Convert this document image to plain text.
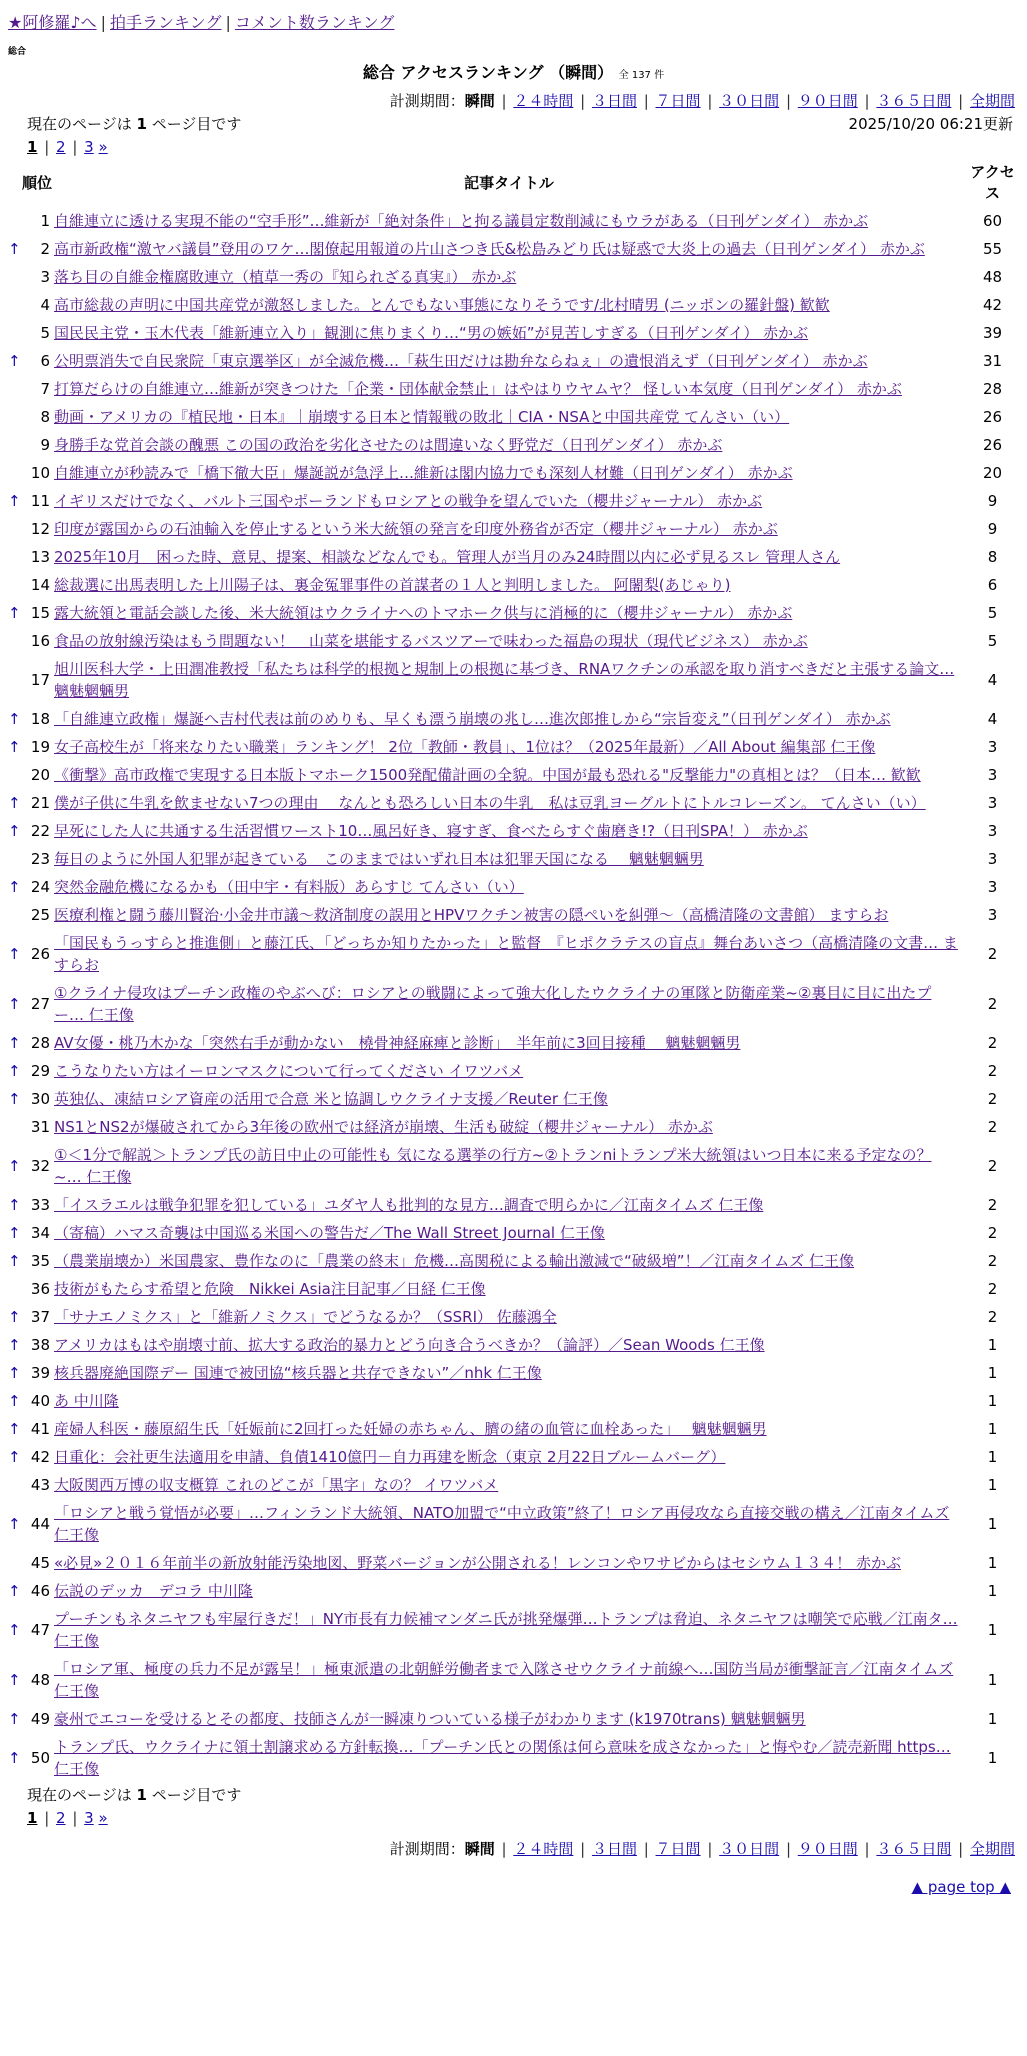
★阿修羅♪へ | 拍手ランキング | コメント数ランキング
総合
総合 アクセスランキング （瞬間） 全 137 件
計測期間：瞬間 | ２４時間 | ３日間 | ７日間 | ３０日間 | ９０日間 | ３６５日間 | 全期間
現在のページは 1 ページ目です	2025/10/20 06:21更新
1 | 2 | 3 »
	順位	記事タイトル	アクセス
	1	自維連立に透ける実現不能の“空手形”…維新が「絶対条件」と拘る議員定数削減にもウラがある（日刊ゲンダイ） 赤かぶ	60
↑	2	高市新政権“激ヤバ議員”登用のワケ…閣僚起用報道の片山さつき氏&松島みどり氏は疑惑で大炎上の過去（日刊ゲンダイ） 赤かぶ	55
	3	落ち目の自維金権腐敗連立（植草一秀の『知られざる真実』） 赤かぶ	48
	4	高市総裁の声明に中国共産党が激怒しました。とんでもない事態になりそうです/北村晴男 (ニッポンの羅針盤) 歓歓	42
	5	国民民主党・玉木代表「維新連立入り」観測に焦りまくり…“男の嫉妬”が見苦しすぎる（日刊ゲンダイ） 赤かぶ	39
↑	6	公明票消失で自民衆院「東京選挙区」が全滅危機…「萩生田だけは勘弁ならねぇ」の遺恨消えず（日刊ゲンダイ） 赤かぶ	31
	7	打算だらけの自維連立…維新が突きつけた「企業・団体献金禁止」はやはりウヤムヤ？ 怪しい本気度（日刊ゲンダイ） 赤かぶ	28
	8	動画・アメリカの『植民地・日本』｜崩壊する日本と情報戦の敗北｜CIA・NSAと中国共産党 てんさい（い）	26
	9	身勝手な党首会談の醜悪 この国の政治を劣化させたのは間違いなく野党だ（日刊ゲンダイ） 赤かぶ	26
	10	自維連立が秒読みで「橋下徹大臣」爆誕説が急浮上…維新は閣内協力でも深刻人材難（日刊ゲンダイ） 赤かぶ	20
↑	11	イギリスだけでなく、バルト三国やポーランドもロシアとの戦争を望んでいた（櫻井ジャーナル） 赤かぶ	9
	12	印度が露国からの石油輸入を停止するという米大統領の発言を印度外務省が否定（櫻井ジャーナル） 赤かぶ	9
	13	2025年10月　困った時、意見、提案、相談などなんでも。管理人が当月のみ24時間以内に必ず見るスレ 管理人さん	8
	14	総裁選に出馬表明した上川陽子は、裏金冤罪事件の首謀者の１人と判明しました。 阿闍梨(あじゃり)	6
↑	15	露大統領と電話会談した後、米大統領はウクライナへのトマホーク供与に消極的に（櫻井ジャーナル） 赤かぶ	5
	16	食品の放射線汚染はもう問題ない！　山菜を堪能するバスツアーで味わった福島の現状（現代ビジネス） 赤かぶ	5
	17	旭川医科大学・上田潤准教授「私たちは科学的根拠と規制上の根拠に基づき、RNAワクチンの承認を取り消すべきだと主張する論文… 魑魅魍魎男	4
↑	18	「自維連立政権」爆誕へ吉村代表は前のめりも、早くも漂う崩壊の兆し…進次郎推しから“宗旨変え”（日刊ゲンダイ） 赤かぶ	4
↑	19	女子高校生が「将来なりたい職業」ランキング！ 2位「教師・教員」、1位は？（2025年最新）／All About 編集部 仁王像	3
	20	《衝撃》高市政権で実現する日本版トマホーク1500発配備計画の全貌。中国が最も恐れる"反撃能力"の真相とは？（日本… 歓歓	3
↑	21	僕が子供に牛乳を飲ませない7つの理由　 なんとも恐ろしい日本の牛乳　私は豆乳ヨーグルトにトルコレーズン。 てんさい（い）	3
↑	22	早死にした人に共通する生活習慣ワースト10…風呂好き、寝すぎ、食べたらすぐ歯磨き!?（日刊SPA！） 赤かぶ	3
	23	毎日のように外国人犯罪が起きている　このままではいずれ日本は犯罪天国になる　 魑魅魍魎男	3
↑	24	突然金融危機になるかも（田中宇・有料版）あらすじ てんさい（い）	3
	25	医療利権と闘う藤川賢治·小金井市議〜救済制度の誤用とHPVワクチン被害の隠ぺいを糾弾〜（高橋清隆の文書館） ますらお	3
↑	26	「国民もうっすらと推進側」と藤江氏、「どっちか知りたかった」と監督　『ヒポクラテスの盲点』舞台あいさつ（高橋清隆の文書… ますらお	2
↑	27	①クライナ侵攻はプーチン政権のやぶへび：ロシアとの戦闘によって強大化したウクライナの軍隊と防衛産業~②裏目に目に出たプー… 仁王像	2
↑	28	AV女優・桃乃木かな「突然右手が動かない　橈骨神経麻痺と診断」　半年前に3回目接種　 魑魅魍魎男	2
↑	29	こうなりたい方はイーロンマスクについて行ってください イワツバメ	2
↑	30	英独仏、凍結ロシア資産の活用で合意 米と協調しウクライナ支援／Reuter 仁王像	2
	31	NS1とNS2が爆破されてから3年後の欧州では経済が崩壊、生活も破綻（櫻井ジャーナル） 赤かぶ	2
↑	32	①＜1分で解説＞トランプ氏の訪日中止の可能性も 気になる選挙の行方~②トランniトランプ米大統領はいつ日本に来る予定なの？~… 仁王像	2
↑	33	「イスラエルは戦争犯罪を犯している」ユダヤ人も批判的な見方…調査で明らかに／江南タイムズ 仁王像	2
↑	34	（寄稿）ハマス奇襲は中国巡る米国への警告だ／The Wall Street Journal 仁王像	2
↑	35	（農業崩壊か）米国農家、豊作なのに「農業の終末」危機…高関税による輸出激減で“破級増”！／江南タイムズ 仁王像	2
	36	技術がもたらす希望と危険　Nikkei Asia注目記事／日経 仁王像	2
↑	37	「サナエノミクス」と「維新ノミクス」でどうなるか？（SSRI） 佐藤鴻全	2
↑	38	アメリカはもはや崩壊寸前、拡大する政治的暴力とどう向き合うべきか？（論評）／Sean Woods 仁王像	1
↑	39	核兵器廃絶国際デー 国連で被団協“核兵器と共存できない”／nhk 仁王像	1
↑	40	あ 中川隆	1
↑	41	産婦人科医・藤原紹生氏「妊娠前に2回打った妊婦の赤ちゃん、臍の緒の血管に血栓あった」　 魑魅魍魎男	1
↑	42	日重化：会社更生法適用を申請、負債1410億円－自力再建を断念（東京 2月22日ブルームバーグ）	1
	43	大阪関西万博の収支概算 これのどこが「黒字」なの？ イワツバメ	1
↑	44	「ロシアと戦う覚悟が必要」…フィンランド大統領、NATO加盟で“中立政策”終了！ロシア再侵攻なら直接交戦の構え／江南タイムズ 仁王像	1
	45	«必見»２０１６年前半の新放射能汚染地図、野菜バージョンが公開される！レンコンやワサビからはセシウム１３４！ 赤かぶ	1
↑	46	伝説のデッカ　デコラ 中川隆	1
↑	47	プーチンもネタニヤフも牢屋行きだ！」NY市長有力候補マンダニ氏が挑発爆弾…トランプは脅迫、ネタニヤフは嘲笑で応戦／江南タ… 仁王像	1
↑	48	「ロシア軍、極度の兵力不足が露呈！」極東派遣の北朝鮮労働者まで入隊させウクライナ前線へ…国防当局が衝撃証言／江南タイムズ 仁王像	1
↑	49	豪州でエコーを受けるとその都度、技師さんが一瞬凍りついている様子がわかります (k1970trans) 魑魅魍魎男	1
↑	50	トランプ氏、ウクライナに領土割譲求める方針転換…「プーチン氏との関係は何ら意味を成さなかった」と悔やむ／読売新聞 https… 仁王像	1
現在のページは 1 ページ目です
1 | 2 | 3 »
計測期間：瞬間 | ２４時間 | ３日間 | ７日間 | ３０日間 | ９０日間 | ３６５日間 | 全期間
▲ page top ▲
